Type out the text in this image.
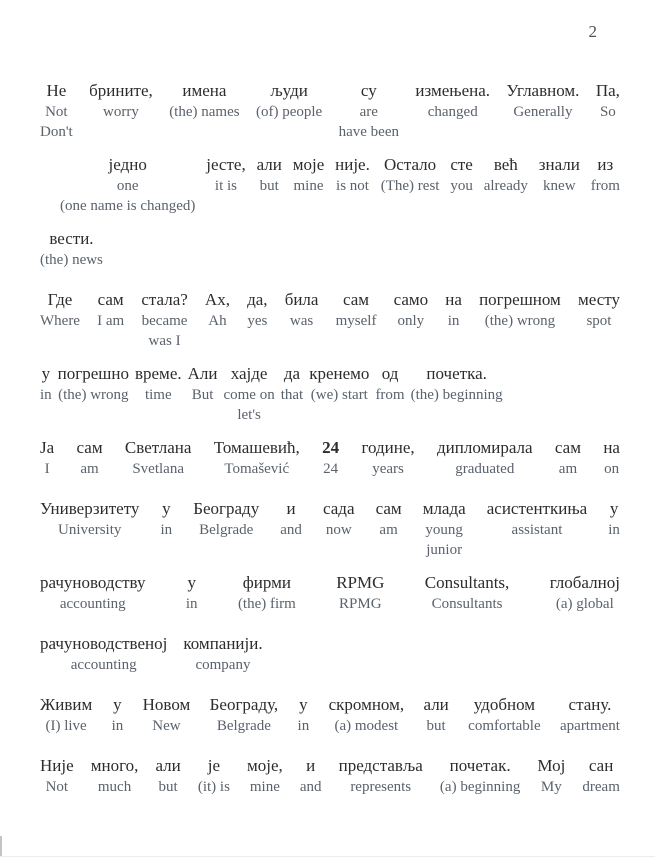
2
Не
Not
Don't
брините,
worry
имена
(the) names
људи
(of) people
су
are
have been
измењена.
changed
Углавном.
Generally
Па,
So
једно
one
(one name is changed)
јесте,
it is
али
but
моје
mine
није.
is not
Остало
(The) rest
сте
you
већ
already
знали
knew
из
from
вести.
(the) news
Где
Where
сам
I am
стала?
became
was I
Ах,
Ah
да,
yes
била
was
сам
myself
само
only
на
in
погрешном
(the) wrong
месту
spot
у
in
погрешно
(the) wrong
време.
time
Али
But
хајде
come on
let's
да
that
кренемо
(we) start
од
from
почетка.
(the) beginning
Ја
I
сам
am
Светлана
Svetlana
Томашевић,
Tomašević
24
24
године,
years
дипломирала
graduated
сам
am
на
on
Универзитету
University
у
in
Београду
Belgrade
и
and
сада
now
сам
am
млада
young
junior
асистенткиња
assistant
у
in
рачуноводству
accounting
у
in
фирми
(the) firm
RPMG
RPMG
Consultants,
Consultants
глобалној
(a) global
рачуноводственој
accounting
компанији.
company
Живим
(I) live
у
in
Новом
New
Београду,
Belgrade
у
in
скромном,
(a) modest
али
but
удобном
comfortable
стану.
apartment
Није
Not
много,
much
али
but
је
(it) is
моје,
mine
и
and
представља
represents
почетак.
(a) beginning
Мој
My
сан
dream
